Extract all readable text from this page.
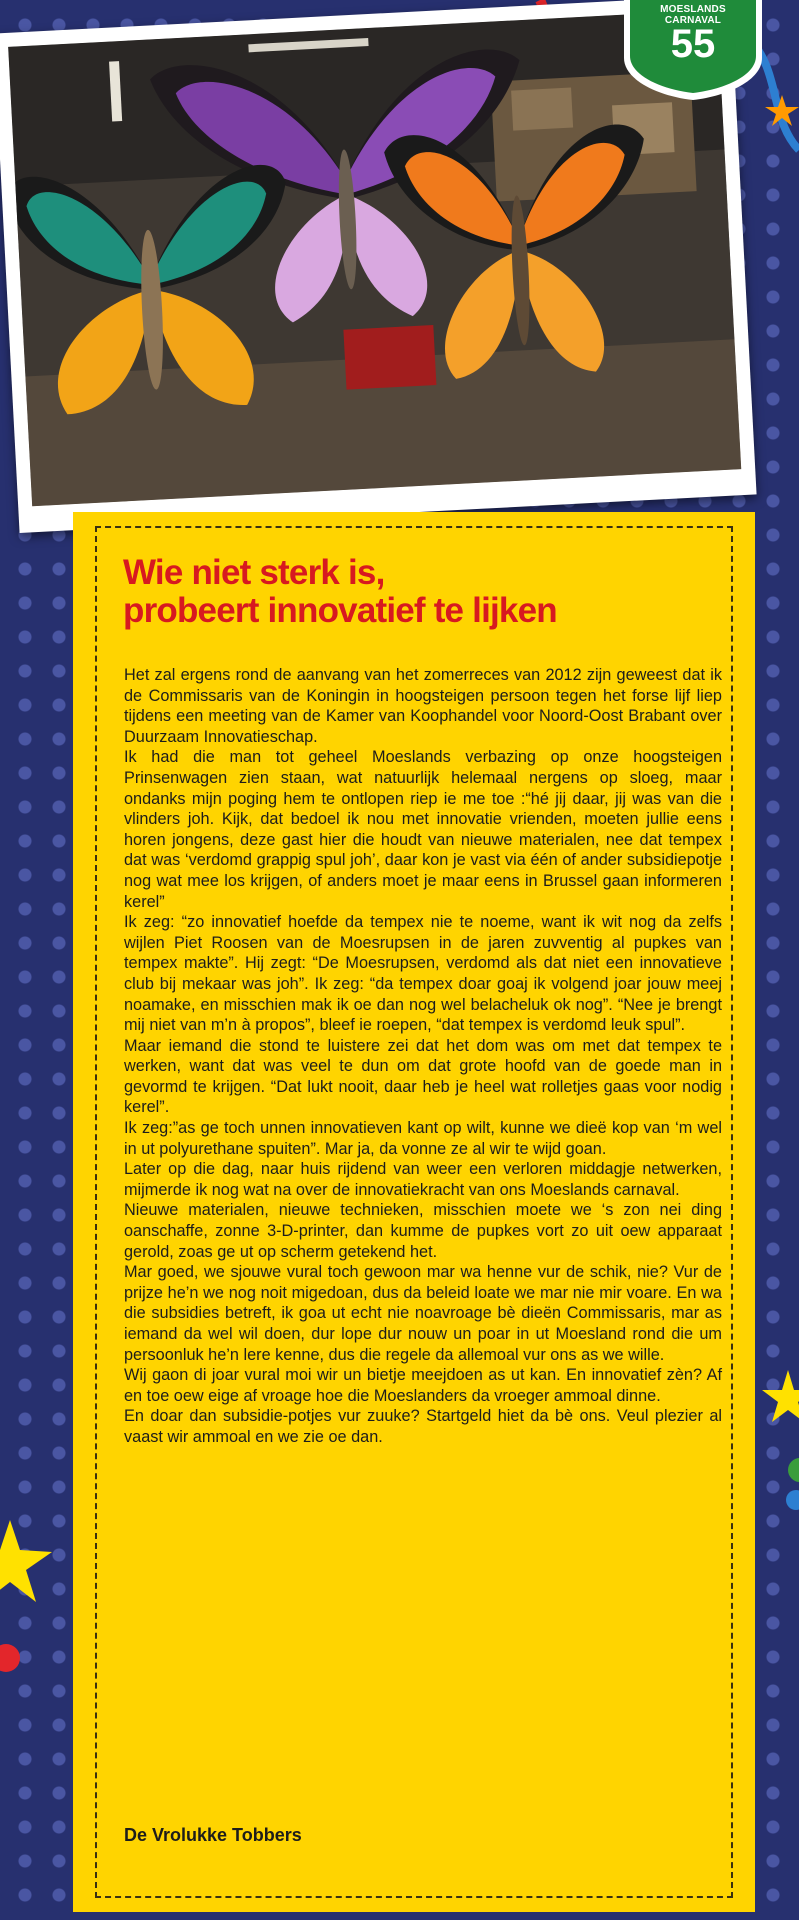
MOESLANDS CARNAVAL
55
Wie niet sterk is,
probeert innovatief te lijken

Het zal ergens rond de aanvang van het zomerreces van 2012 zijn geweest dat ik de Commissaris van de Koningin in hoogsteigen persoon tegen het forse lijf liep tijdens een meeting van de Kamer van Koophandel voor Noord-Oost Brabant over Duurzaam Innovatieschap.

Ik had die man tot geheel Moeslands verbazing op onze hoogsteigen Prinsenwagen zien staan, wat natuurlijk helemaal nergens op sloeg, maar ondanks mijn poging hem te ontlopen riep ie me toe :“hé jij daar, jij was van die vlinders joh. Kijk, dat bedoel ik nou met innovatie vrienden, moeten jullie eens horen jongens, deze gast hier die houdt van nieuwe materialen, nee dat tempex dat was ‘verdomd grappig spul joh’, daar kon je vast via één of ander subsidiepotje nog wat mee los krijgen, of anders moet je maar eens in Brussel gaan informeren kerel”

Ik zeg: “zo innovatief hoefde da tempex nie te noeme, want ik wit nog da zelfs wijlen Piet Roosen van de Moesrupsen in de jaren zuvventig al pupkes van tempex makte”. Hij zegt: “De Moesrupsen, verdomd als dat niet een innovatieve club bij mekaar was joh”. Ik zeg: “da tempex doar goaj ik volgend joar jouw meej noamake, en misschien mak ik oe dan nog wel belacheluk ok nog”. “Nee je brengt mij niet van m’n à propos”, bleef ie roepen, “dat tempex is verdomd leuk spul”.

Maar iemand die stond te luistere zei dat het dom was om met dat tempex te werken, want dat was veel te dun om dat grote hoofd van de goede man in gevormd te krijgen. “Dat lukt nooit, daar heb je heel wat rolletjes gaas voor nodig kerel”.

Ik zeg:”as ge toch unnen innovatieven kant op wilt, kunne we dieë kop van ‘m wel in ut polyurethane spuiten”. Mar ja, da vonne ze al wir te wijd goan.

Later op die dag, naar huis rijdend van weer een verloren middagje netwerken, mijmerde ik nog wat na over de innovatiekracht van ons Moeslands carnaval.

Nieuwe materialen, nieuwe technieken, misschien moete we ‘s zon nei ding oanschaffe, zonne 3-D-printer, dan kumme de pupkes vort zo uit oew apparaat gerold, zoas ge ut op scherm getekend het.

Mar goed, we sjouwe vural toch gewoon mar wa henne vur de schik, nie? Vur de prijze he’n we nog noit migedoan, dus da beleid loate we mar nie mir voare. En wa die subsidies betreft, ik goa ut echt nie noavroage bè dieën Commissaris, mar as iemand da wel wil doen, dur lope dur nouw un poar in ut Moesland rond die um persoonluk he’n lere kenne, dus die regele da allemoal vur ons as we wille.

Wij gaon di joar vural moi wir un bietje meejdoen as ut kan. En innovatief zèn? Af en toe oew eige af vroage hoe die Moeslanders da vroeger ammoal dinne.

En doar dan subsidie-potjes vur zuuke? Startgeld hiet da bè ons. Veul plezier al vaast wir ammoal en we zie oe dan.

De Vrolukke Tobbers
